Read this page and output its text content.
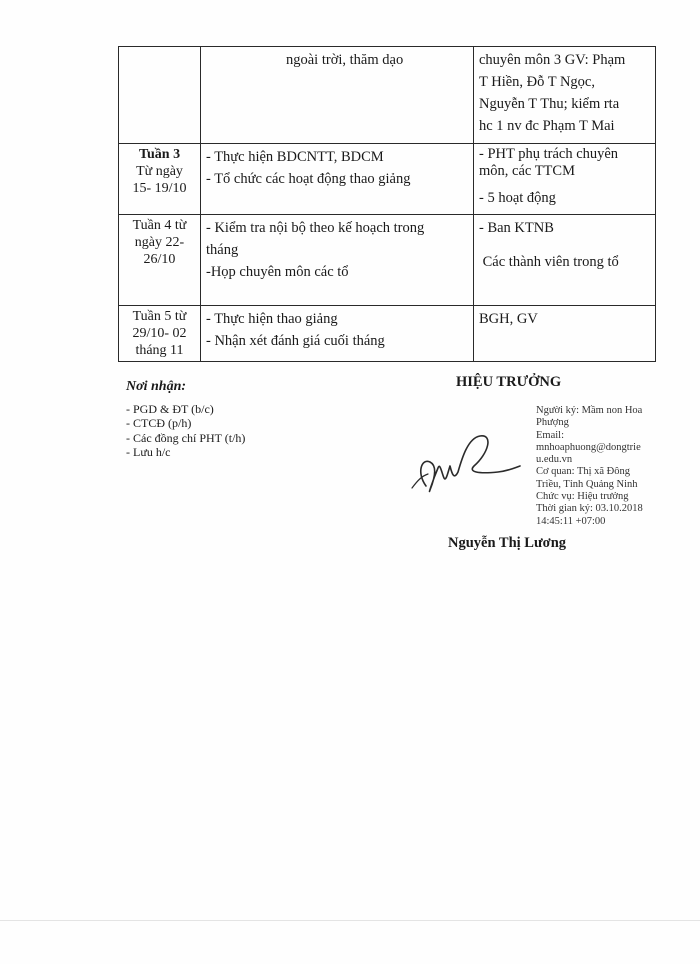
	ngoài trời, thăm dạo	chuyên môn 3 GV: Phạm
T Hiền, Đỗ T Ngọc,
Nguyễn T Thu; kiểm rta
hc 1 nv đc Phạm T Mai

Tuần 3
Từ ngày
15- 19/10	- Thực hiện BDCNTT, BDCM
- Tổ chức các hoạt động thao giảng	- PHT phụ trách chuyên
môn, các TTCM
- 5 hoạt động

Tuần 4 từ
ngày 22-
26/10	- Kiểm tra nội bộ theo kế hoạch trong
tháng
-Họp chuyên môn các tổ	- Ban KTNB
Các thành viên trong tổ

Tuần 5 từ
29/10- 02
tháng 11	- Thực hiện thao giảng
- Nhận xét đánh giá cuối tháng	BGH, GV
Nơi nhận:
- PGD & ĐT (b/c)
- CTCĐ (p/h)
- Các đồng chí PHT (t/h)
- Lưu h/c
HIỆU TRƯỞNG
Người ký: Mầm non Hoa
Phượng
Email:
mnhoaphuong@dongtrie
u.edu.vn
Cơ quan: Thị xã Đông
Triều, Tỉnh Quảng Ninh
Chức vụ: Hiệu trưởng
Thời gian ký: 03.10.2018
14:45:11 +07:00
Nguyễn Thị Lương
